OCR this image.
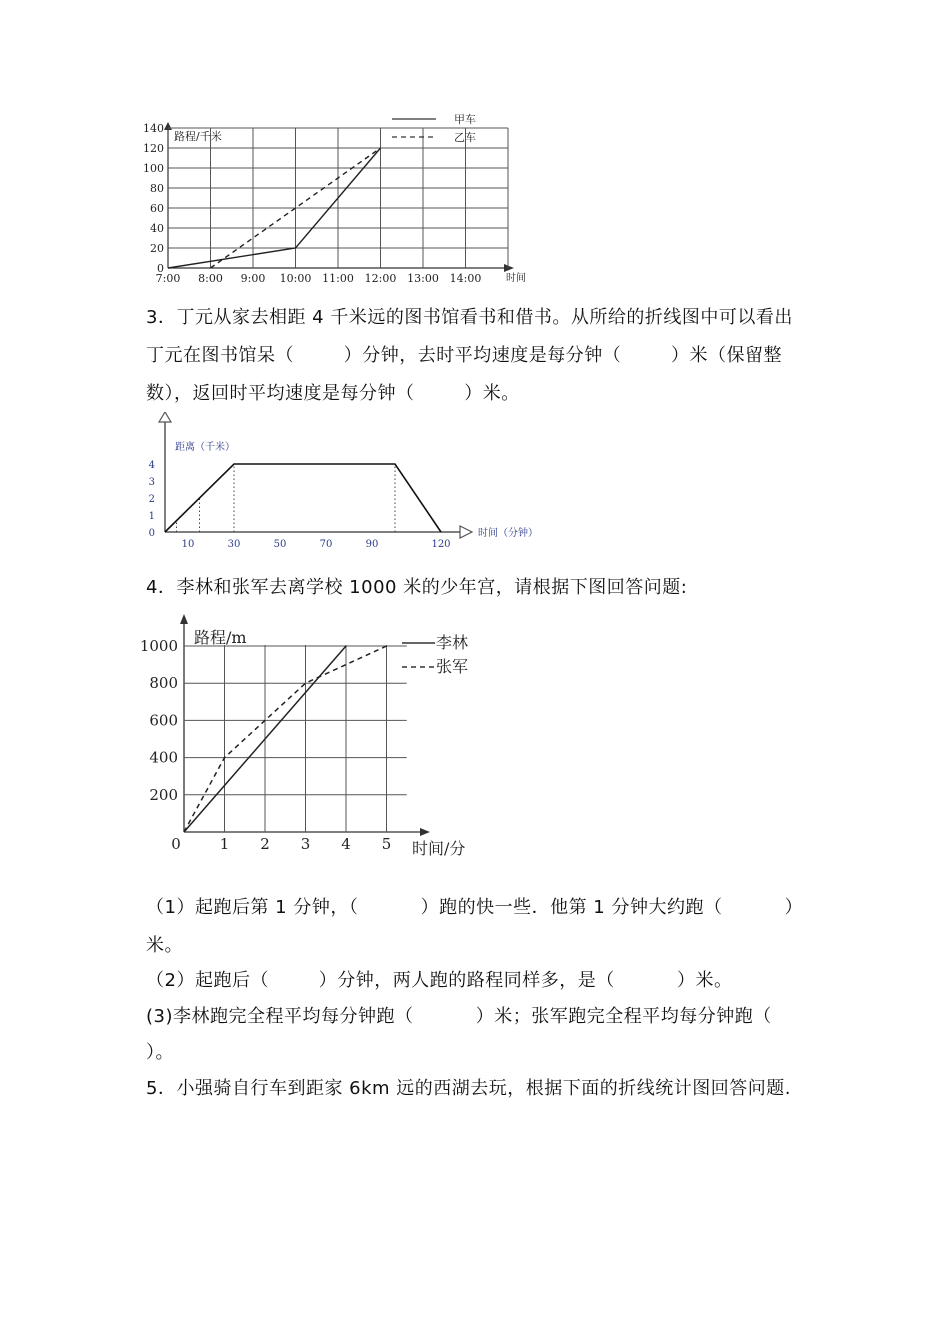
0
20
40
60
80
100
120
140
7:00 8:00 9:00 10:00 11:00 12:00 13:00 14:00
路程/千米
时间
甲车
乙车
3．丁元从家去相距 4 千米远的图书馆看书和借书。从所给的折线图中可以看出
丁元在图书馆呆（        ）分钟，去时平均速度是每分钟（        ）米（保留整
数），返回时平均速度是每分钟（        ）米。
0
1
2
3
4
10	30	50	70	90	120
距离（千米）
时间（分钟）
4．李林和张军去离学校 1000 米的少年宫，请根据下图回答问题:
200
400
600
800
1000
0	1 2 3 4 5
路程/m
时间/分
李林
张军
（1）起跑后第 1 分钟，（          ）跑的快一些．他第 1 分钟大约跑（          ）
米。
（2）起跑后（        ）分钟，两人跑的路程同样多，是（          ）米。
(3)李林跑完全程平均每分钟跑（          ）米；张军跑完全程平均每分钟跑（
）。
5．小强骑自行车到距家 6km 远的西湖去玩，根据下面的折线统计图回答问题.
